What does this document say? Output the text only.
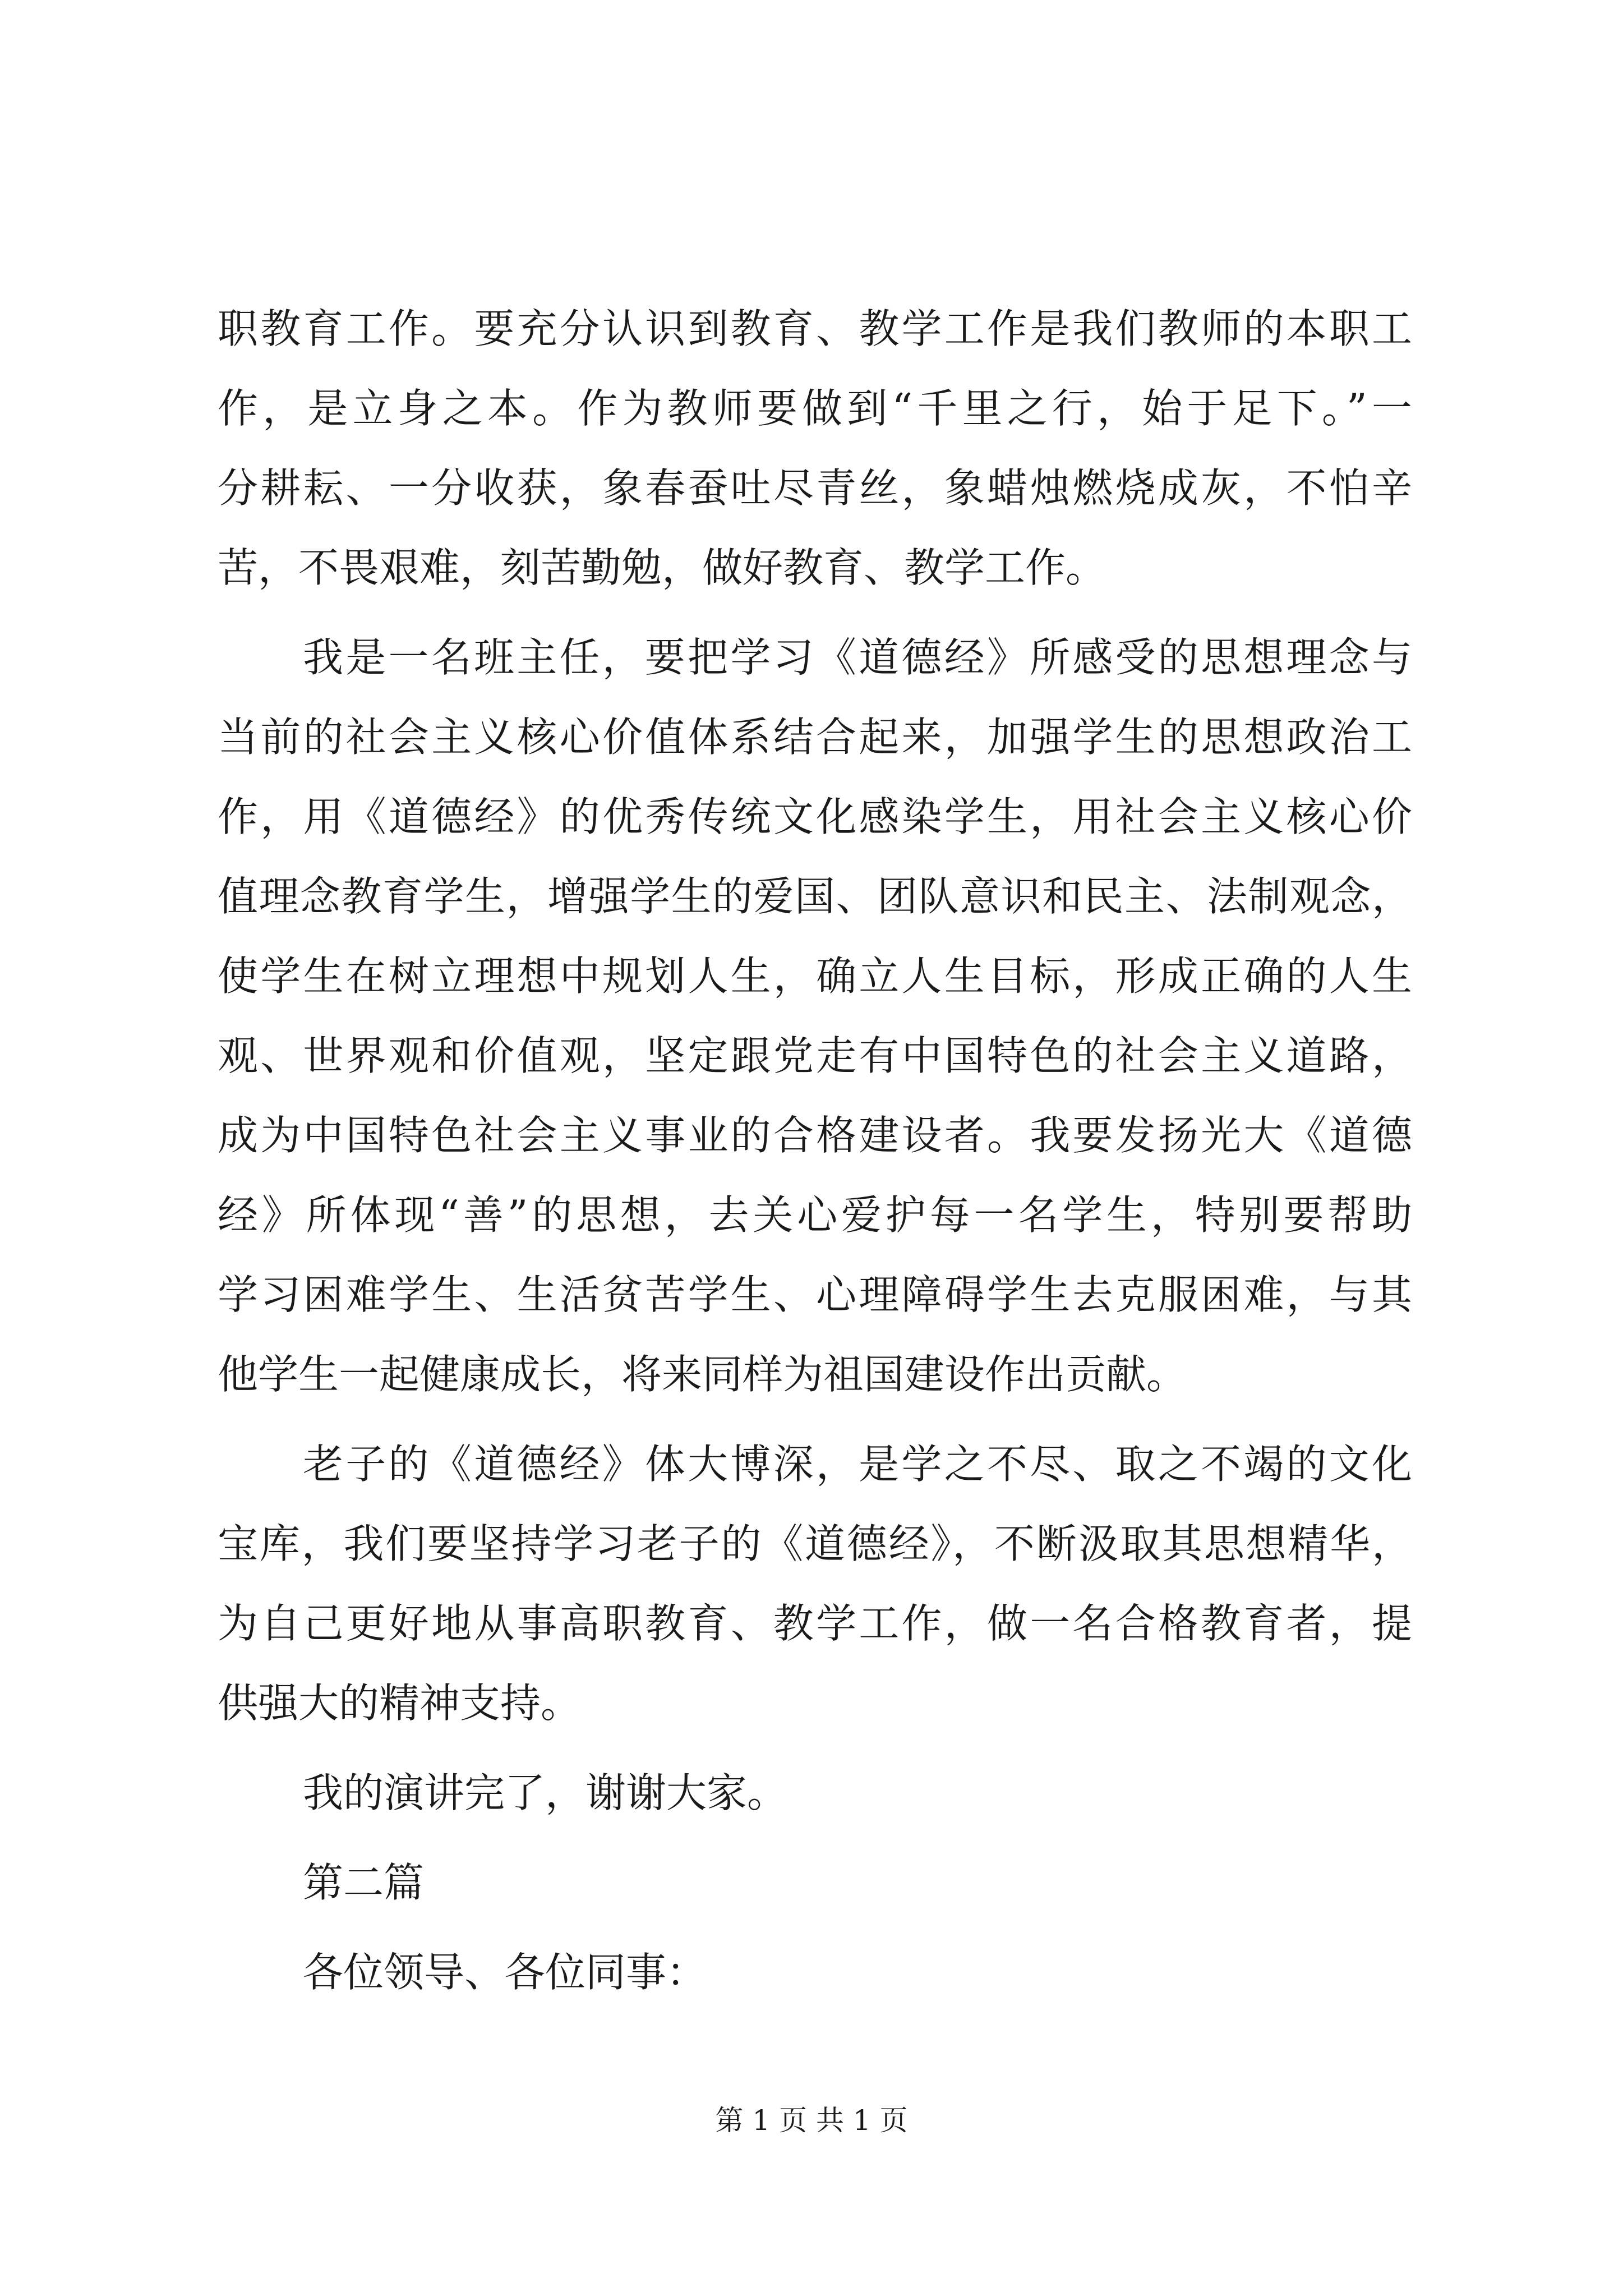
职教育工作。要充分认识到教育、教学工作是我们教师的本职工
作，是立身之本。作为教师要做到“千里之行，始于足下。”一
分耕耘、一分收获，象春蚕吐尽青丝，象蜡烛燃烧成灰，不怕辛
苦，不畏艰难，刻苦勤勉，做好教育、教学工作。
我是一名班主任，要把学习《道德经》所感受的思想理念与
当前的社会主义核心价值体系结合起来，加强学生的思想政治工
作，用《道德经》的优秀传统文化感染学生，用社会主义核心价
值理念教育学生，增强学生的爱国、团队意识和民主、法制观念，
使学生在树立理想中规划人生，确立人生目标，形成正确的人生
观、世界观和价值观，坚定跟党走有中国特色的社会主义道路，
成为中国特色社会主义事业的合格建设者。我要发扬光大《道德
经》所体现“善”的思想，去关心爱护每一名学生，特别要帮助
学习困难学生、生活贫苦学生、心理障碍学生去克服困难，与其
他学生一起健康成长，将来同样为祖国建设作出贡献。
老子的《道德经》体大博深，是学之不尽、取之不竭的文化
宝库，我们要坚持学习老子的《道德经》，不断汲取其思想精华，
为自己更好地从事高职教育、教学工作，做一名合格教育者，提
供强大的精神支持。
我的演讲完了，谢谢大家。
第二篇
各位领导、各位同事：
第 1 页 共 1 页
